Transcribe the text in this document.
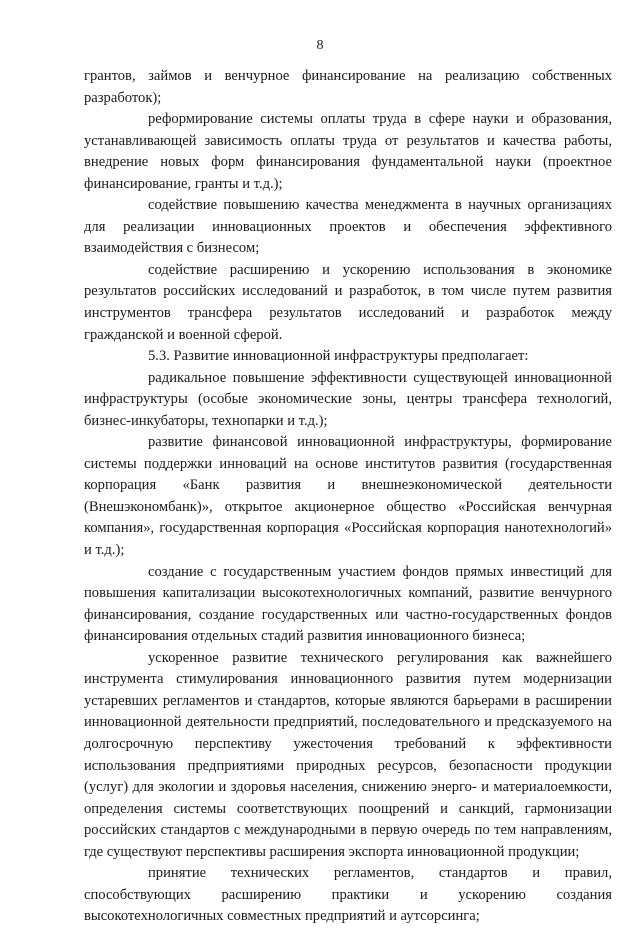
8

грантов, займов и венчурное финансирование на реализацию собственных разработок);

реформирование системы оплаты труда в сфере науки и образования, устанавливающей зависимость оплаты труда от результатов и качества работы, внедрение новых форм финансирования фундаментальной науки (проектное финансирование, гранты и т.д.);

содействие повышению качества менеджмента в научных организациях для реализации инновационных проектов и обеспечения эффективного взаимодействия с бизнесом;

содействие расширению и ускорению использования в экономике результатов российских исследований и разработок, в том числе путем развития инструментов трансфера результатов исследований и разработок между гражданской и военной сферой.

5.3. Развитие инновационной инфраструктуры предполагает:

радикальное повышение эффективности существующей инновационной инфраструктуры (особые экономические зоны, центры трансфера технологий, бизнес-инкубаторы, технопарки и т.д.);

развитие финансовой инновационной инфраструктуры, формирование системы поддержки инноваций на основе институтов развития (государственная корпорация «Банк развития и внешнеэкономической деятельности (Внешэкономбанк)», открытое акционерное общество «Российская венчурная компания», государственная корпорация «Российская корпорация нанотехнологий» и т.д.);

создание с государственным участием фондов прямых инвестиций для повышения капитализации высокотехнологичных компаний, развитие венчурного финансирования, создание государственных или частно-государственных фондов финансирования отдельных стадий развития инновационного бизнеса;

ускоренное развитие технического регулирования как важнейшего инструмента стимулирования инновационного развития путем модернизации устаревших регламентов и стандартов, которые являются барьерами в расширении инновационной деятельности предприятий, последовательного и предсказуемого на долгосрочную перспективу ужесточения требований к эффективности использования предприятиями природных ресурсов, безопасности продукции (услуг) для экологии и здоровья населения, снижению энерго- и материалоемкости, определения системы соответствующих поощрений и санкций, гармонизации российских стандартов с международными в первую очередь по тем направлениям, где существуют перспективы расширения экспорта инновационной продукции;

принятие технических регламентов, стандартов и правил, способствующих расширению практики и ускорению создания высокотехнологичных совместных предприятий и аутсорсинга;
